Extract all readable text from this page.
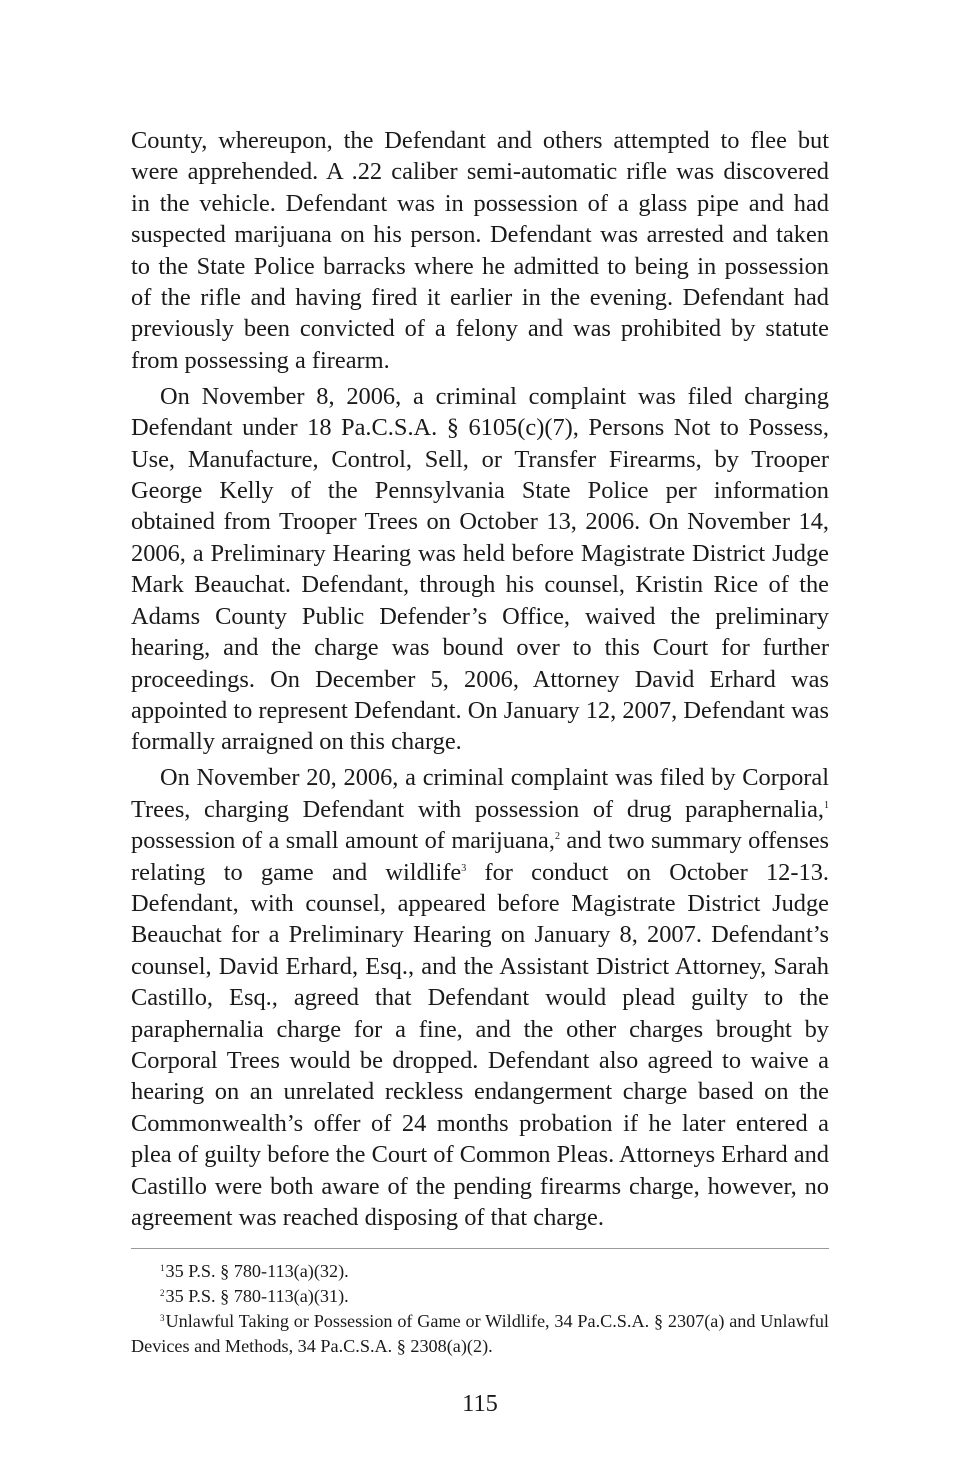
County, whereupon, the Defendant and others attempted to flee but were apprehended. A .22 caliber semi-automatic rifle was discovered in the vehicle. Defendant was in possession of a glass pipe and had suspected marijuana on his person. Defendant was arrested and taken to the State Police barracks where he admitted to being in possession of the rifle and having fired it earlier in the evening. Defendant had previously been convicted of a felony and was prohibited by statute from possessing a firearm.

On November 8, 2006, a criminal complaint was filed charging Defendant under 18 Pa.C.S.A. § 6105(c)(7), Persons Not to Possess, Use, Manufacture, Control, Sell, or Transfer Firearms, by Trooper George Kelly of the Pennsylvania State Police per information obtained from Trooper Trees on October 13, 2006. On November 14, 2006, a Preliminary Hearing was held before Magistrate District Judge Mark Beauchat. Defendant, through his counsel, Kristin Rice of the Adams County Public Defender’s Office, waived the preliminary hearing, and the charge was bound over to this Court for further proceedings. On December 5, 2006, Attorney David Erhard was appointed to represent Defendant. On January 12, 2007, Defendant was formally arraigned on this charge.

On November 20, 2006, a criminal complaint was filed by Corporal Trees, charging Defendant with possession of drug paraphernalia,$^1$ possession of a small amount of marijuana,$^2$ and two summary offenses relating to game and wildlife$^3$ for conduct on October 12-13. Defendant, with counsel, appeared before Magistrate District Judge Beauchat for a Preliminary Hearing on January 8, 2007. Defendant’s counsel, David Erhard, Esq., and the Assistant District Attorney, Sarah Castillo, Esq., agreed that Defendant would plead guilty to the paraphernalia charge for a fine, and the other charges brought by Corporal Trees would be dropped. Defendant also agreed to waive a hearing on an unrelated reckless endangerment charge based on the Commonwealth’s offer of 24 months probation if he later entered a plea of guilty before the Court of Common Pleas. Attorneys Erhard and Castillo were both aware of the pending firearms charge, however, no agreement was reached disposing of that charge.

$^1$35 P.S. § 780-113(a)(32).

$^2$35 P.S. § 780-113(a)(31).

$^3$Unlawful Taking or Possession of Game or Wildlife, 34 Pa.C.S.A. § 2307(a) and Unlawful Devices and Methods, 34 Pa.C.S.A. § 2308(a)(2).

115
